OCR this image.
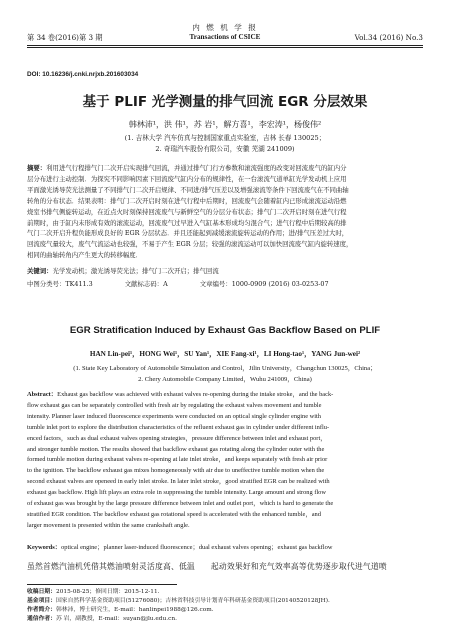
第 34 卷(2016)第 3 期
内 燃 机 学 报
Transactions of CSICE	Vol.34 (2016) No.3
DOI: 10.16236/j.cnki.nrjxb.201603034
基于 PLIF 光学测量的排气回流 EGR 分层效果
韩林沛¹，洪 伟¹，苏 岩¹，解方喜¹，李宏涛¹，杨俊伟²
(1. 吉林大学 汽车仿真与控制国家重点实验室，吉林 长春 130025；
2. 奇瑞汽车股份有限公司，安徽 芜湖 241009)
摘要：利用进气行程排气门二次开启实现排气回流，并通过排气门行方参数和滚流强度的改变对回流废气的缸内分
层分布进行主动控制．为探究不同影响因素下回流废气缸内分布的规律性，在一台滚流气道单缸光学发动机上应用
平面激光诱导荧光法测量了不同排气门二次开启规律、不同进/排气压差以及增强滚流等条件下回流废气在不同曲轴
转角的分布状态．结果表明：排气门二次开启时刻在进气行程中后期时，回流废气会随着缸内已形成滚流运动沿燃
烧室书排气侧旋转运动，在近点火时刻保持回流废气与新鲜空气的分层分布状态；排气门二次开启时刻在进气行程
前期时，由于缸内未形成有效的滚流运动，回流废气过早进入气缸基本形成均匀混合气；进气行程中后期较高的排
气门二次开启升程负能形成良好的 EGR 分层状态．并且还能起到减缓滚流旋转运动的作用；进/排气压差过大时，
回流废气量较大，废气气流运动也较强，不易于产生 EGR 分层；较强的滚流运动可以加快回流废气缸内旋转速度，
相同的曲轴转角内产生更大的转移幅度．
关键词：光学发动机；激光诱导荧光法；排气门二次开启；排气回流
中图分类号：TK411.3	文献标志码：A	文章编号：1000-0909 (2016) 03-0253-07
EGR Stratification Induced by Exhaust Gas Backflow Based on PLIF
HAN Lin-pei¹，HONG Wei¹，SU Yan¹，XIE Fang-xi¹，LI Hong-tao¹，YANG Jun-wei²
(1. State Key Laboratory of Automobile Simulation and Control，Jilin University，Changchun 130025，China；
2. Chery Automobile Company Limited，Wuhu 241009，China)
Abstract：Exhaust gas backflow was achieved with exhaust valves re-opening during the intake stroke，and the back-
flow exhaust gas can be separately controlled with fresh air by regulating the exhaust valves movement and tumble
intensity. Planner laser induced fluorescence experiments were conducted on an optical single cylinder engine with
tumble inlet port to explore the distribution characteristics of the refluent exhaust gas in cylinder under different influ-
enced factors，such as dual exhaust valves opening strategies，pressure difference between inlet and exhaust port，
and stronger tumble motion. The results showed that backflow exhaust gas rotating along the cylinder outer with the
formed tumble motion during exhaust valves re-opening at late inlet stroke，and keeps separately with fresh air prior
to the ignition. The backflow exhaust gas mixes homogeneously with air due to uneffective tumble motion when the
second exhaust valves are openeed in early inlet stroke. In later inlet stroke，good stratified EGR can be realized with
exhaust gas backflow. High lift plays an extra role in suppressing the tumble intensity. Large amount and strong flow
of exhaust gas was brought by the large pressure difference between inlet and outlet port，which is hard to generate the
stratified EGR condition. The backflow exhaust gas rotational speed is accelerated with the enhanced tumble，and
larger movement is presented within the same crankshaft angle.
Keywords：optical engine；planner laser-induced fluorescence；dual exhaust valves opening；exhaust gas backflow
虽然首燃汽油机凭借其燃油喷射灵活度高、低温　　起动效果好和充气效率高等优势逐步取代进气道喷
收稿日期：2015-08-25；修回日期：2015-12-11.
基金项目：国家自然科学基金资助项目(51276080)；吉林省科技引导计划青年科研基金资助项目(20140520128JH).
作者简介：韩林沛，博士研究生，E-mail：hanlinpei1988@126.com.
通信作者：苏 岩，副教授，E-mail：suyan@jlu.edu.cn.
